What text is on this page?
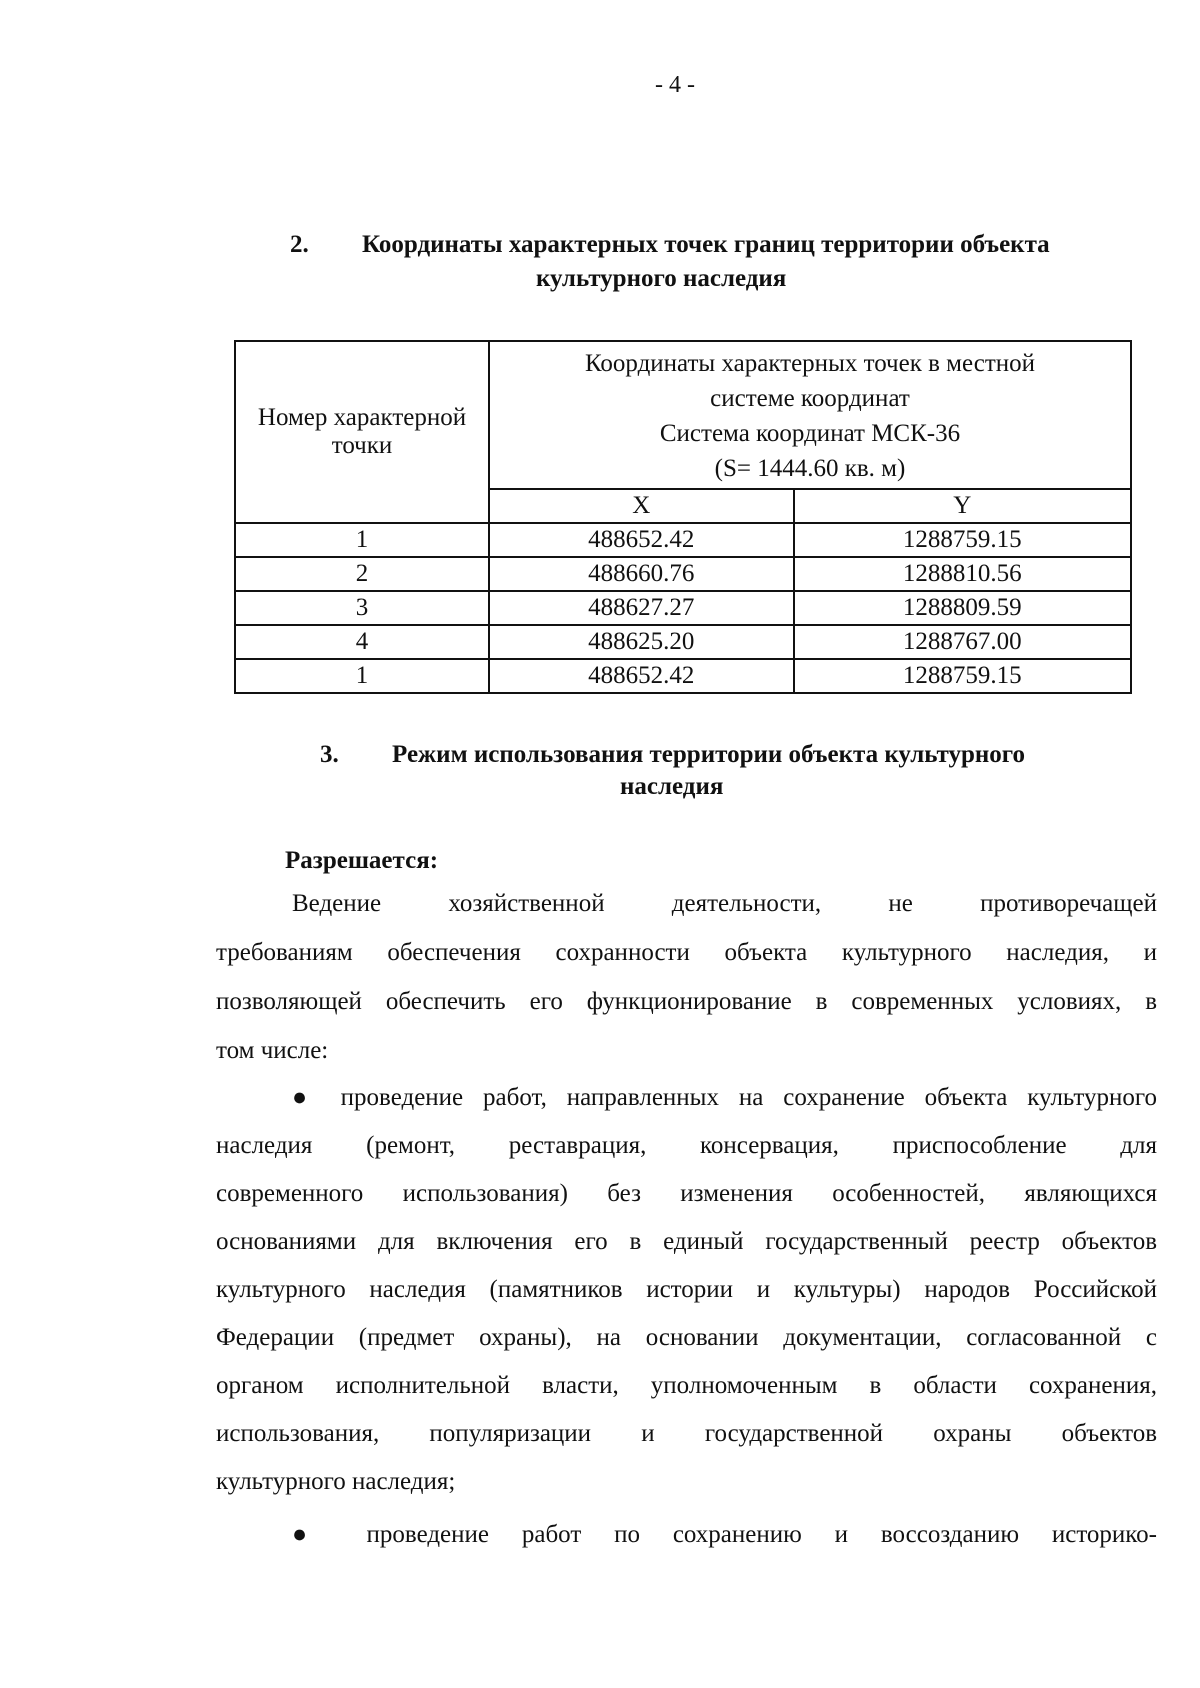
- 4 -
2. Координаты характерных точек границ территории объекта
культурного наследия
Номер характерной точки	Координаты характерных точек в местной
системе координат
Система координат МСК-36
(S= 1444.60 кв. м)	

	X	Y
1	488652.42	1288759.15
2	488660.76	1288810.56
3	488627.27	1288809.59
4	488625.20	1288767.00
1	488652.42	1288759.15
3. Режим использования территории объекта культурного
наследия
Разрешается:
Ведение хозяйственной деятельности, не противоречащей
требованиям обеспечения сохранности объекта культурного наследия, и
позволяющей обеспечить его функционирование в современных условиях, в
том числе:
● проведение работ, направленных на сохранение объекта культурного
наследия (ремонт, реставрация, консервация, приспособление для
современного использования) без изменения особенностей, являющихся
основаниями для включения его в единый государственный реестр объектов
культурного наследия (памятников истории и культуры) народов Российской
Федерации (предмет охраны), на основании документации, согласованной с
органом исполнительной власти, уполномоченным в области сохранения,
использования, популяризации и государственной охраны объектов
культурного наследия;
● проведение работ по сохранению и воссозданию историко-
